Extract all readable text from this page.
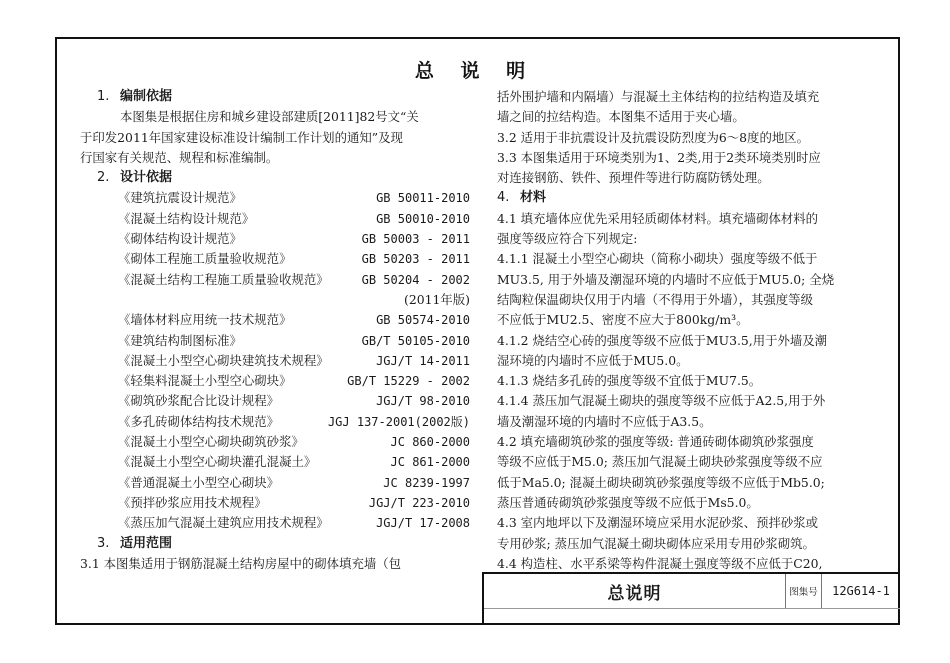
总 说 明
1. 编制依据
本图集是根据住房和城乡建设部建质[2011]82号文“关
于印发2011年国家建设标准设计编制工作计划的通知”及现
行国家有关规范、规程和标准编制。
2. 设计依据
《建筑抗震设计规范》	GB 50011-2010
《混凝土结构设计规范》	GB 50010-2010
《砌体结构设计规范》	GB 50003 - 2011
《砌体工程施工质量验收规范》	GB 50203 - 2011
《混凝土结构工程施工质量验收规范》	GB 50204 - 2002
(2011年版)
《墙体材料应用统一技术规范》	GB 50574-2010
《建筑结构制图标准》	GB/T 50105-2010
《混凝土小型空心砌块建筑技术规程》	JGJ/T 14-2011
《轻集料混凝土小型空心砌块》	GB/T 15229 - 2002
《砌筑砂浆配合比设计规程》	JGJ/T 98-2010
《多孔砖砌体结构技术规范》	JGJ 137-2001(2002版)
《混凝土小型空心砌块砌筑砂浆》	JC 860-2000
《混凝土小型空心砌块灌孔混凝土》	JC 861-2000
《普通混凝土小型空心砌块》	JC 8239-1997
《预拌砂浆应用技术规程》	JGJ/T 223-2010
《蒸压加气混凝土建筑应用技术规程》	JGJ/T 17-2008
3. 适用范围
3.1 本图集适用于钢筋混凝土结构房屋中的砌体填充墙（包
括外围护墙和内隔墙）与混凝土主体结构的拉结构造及填充
墙之间的拉结构造。本图集不适用于夹心墙。
3.2 适用于非抗震设计及抗震设防烈度为6～8度的地区。
3.3 本图集适用于环境类别为1、2类,用于2类环境类别时应
对连接钢筋、铁件、预埋件等进行防腐防锈处理。
4. 材料
4.1 填充墙体应优先采用轻质砌体材料。填充墙砌体材料的
强度等级应符合下列规定:
4.1.1 混凝土小型空心砌块（简称小砌块）强度等级不低于
MU3.5, 用于外墙及潮湿环境的内墙时不应低于MU5.0; 全烧
结陶粒保温砌块仅用于内墙（不得用于外墙），其强度等级
不应低于MU2.5、密度不应大于800kg/m³。
4.1.2 烧结空心砖的强度等级不应低于MU3.5,用于外墙及潮
湿环境的内墙时不应低于MU5.0。
4.1.3 烧结多孔砖的强度等级不宜低于MU7.5。
4.1.4 蒸压加气混凝土砌块的强度等级不应低于A2.5,用于外
墙及潮湿环境的内墙时不应低于A3.5。
4.2 填充墙砌筑砂浆的强度等级: 普通砖砌体砌筑砂浆强度
等级不应低于M5.0; 蒸压加气混凝土砌块砂浆强度等级不应
低于Ma5.0; 混凝土砌块砌筑砂浆强度等级不应低于Mb5.0;
蒸压普通砖砌筑砂浆强度等级不应低于Ms5.0。
4.3 室内地坪以下及潮湿环境应采用水泥砂浆、预拌砂浆或
专用砂浆; 蒸压加气混凝土砌块砌体应采用专用砂浆砌筑。
4.4 构造柱、水平系梁等构件混凝土强度等级不应低于C20,
总说明	图集号	12G614-1
